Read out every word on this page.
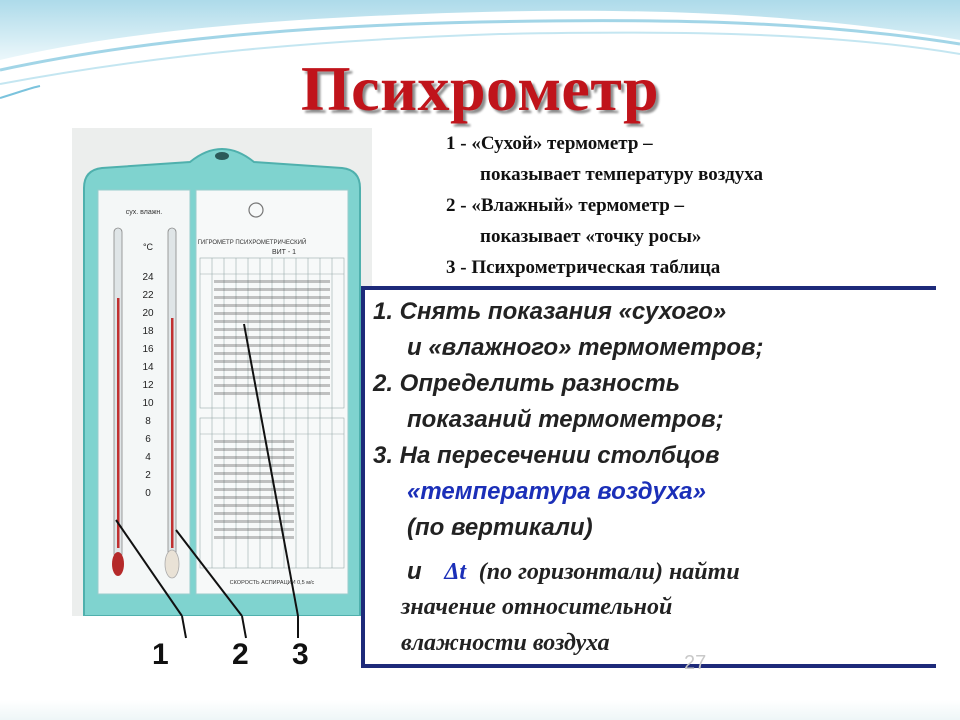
Психрометр
1 - «Сухой» термометр –
показывает температуру воздуха
2 - «Влажный» термометр –
показывает «точку росы»
3 - Психрометрическая таблица
сух. влажн.
ГИГРОМЕТР ПСИХРОМЕТРИЧЕСКИЙ
ВИТ - 1
СКОРОСТЬ АСПИРАЦИИ 0,5 м/с
°C
24
22
20
18
16
14
12
10
8
6
4
2
0
1 2 3
1. Снять показания «сухого»
и «влажного» термометров;
2. Определить разность
показаний термометров;
3. На пересечении столбцов
«температура воздуха»
(по вертикали)
и Δt (по горизонтали) найти
значение относительной
влажности воздуха
27
